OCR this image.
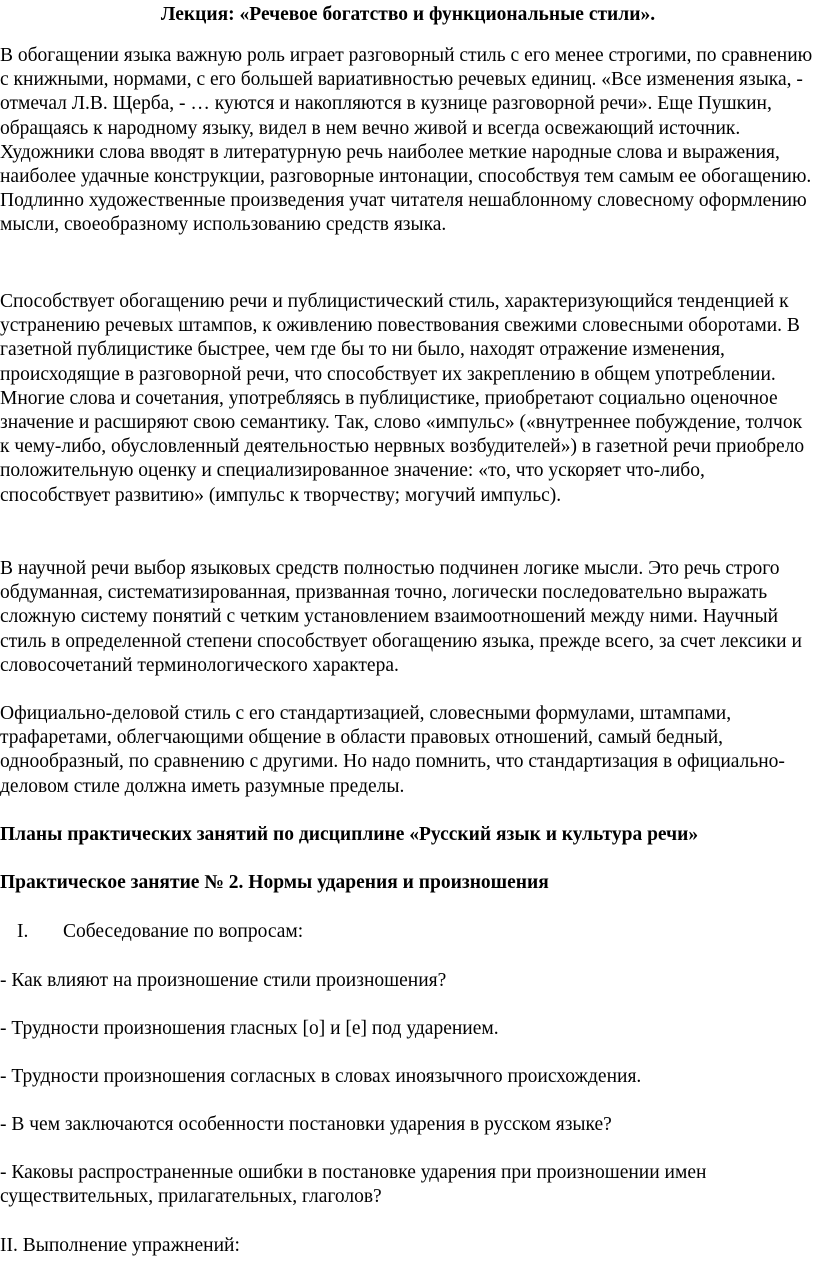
Лекция: «Речевое богатство и функциональные стили».

В обогащении языка важную роль играет разговорный стиль с его менее строгими, по сравнению с книжными, нормами, с его большей вариативностью речевых единиц. «Все изменения языка, - отмечал Л.В. Щерба, - … куются и накопляются в кузнице разговорной речи». Еще Пушкин, обращаясь к народному языку, видел в нем вечно живой и всегда освежающий источник. Художники слова вводят в литературную речь наиболее меткие народные слова и выражения, наиболее удачные конструкции, разговорные интонации, способствуя тем самым ее обогащению. Подлинно художественные произведения учат читателя нешаблонному словесному оформлению мысли, своеобразному использованию средств языка.

Способствует обогащению речи и публицистический стиль, характеризующийся тенденцией к устранению речевых штампов, к оживлению повествования свежими словесными оборотами. В газетной публицистике быстрее, чем где бы то ни было, находят отражение изменения, происходящие в разговорной речи, что способствует их закреплению в общем употреблении. Многие слова и сочетания, употребляясь в публицистике, приобретают социально оценочное значение и расширяют свою семантику. Так, слово «импульс» («внутреннее побуждение, толчок к чему-либо, обусловленный деятельностью нервных возбудителей») в газетной речи приобрело положительную оценку и специализированное значение: «то, что ускоряет что-либо, способствует развитию» (импульс к творчеству; могучий импульс).

В научной речи выбор языковых средств полностью подчинен логике мысли. Это речь строго обдуманная, систематизированная, призванная точно, логически последовательно выражать сложную систему понятий с четким установлением взаимоотношений между ними. Научный стиль в определенной степени способствует обогащению языка, прежде всего, за счет лексики и словосочетаний терминологического характера.

Официально-деловой стиль с его стандартизацией, словесными формулами, штампами, трафаретами, облегчающими общение в области правовых отношений, самый бедный, однообразный, по сравнению с другими. Но надо помнить, что стандартизация в официально-деловом стиле должна иметь разумные пределы.

Планы практических занятий по дисциплине «Русский язык и культура речи»

Практическое занятие № 2. Нормы ударения и произношения

I. Собеседование по вопросам:

- Как влияют на произношение стили произношения?

- Трудности произношения гласных [о] и [е] под ударением.

- Трудности произношения согласных в словах иноязычного происхождения.

- В чем заключаются особенности постановки ударения в русском языке?

- Каковы распространенные ошибки в постановке ударения при произношении имен существительных, прилагательных, глаголов?

II. Выполнение упражнений:
